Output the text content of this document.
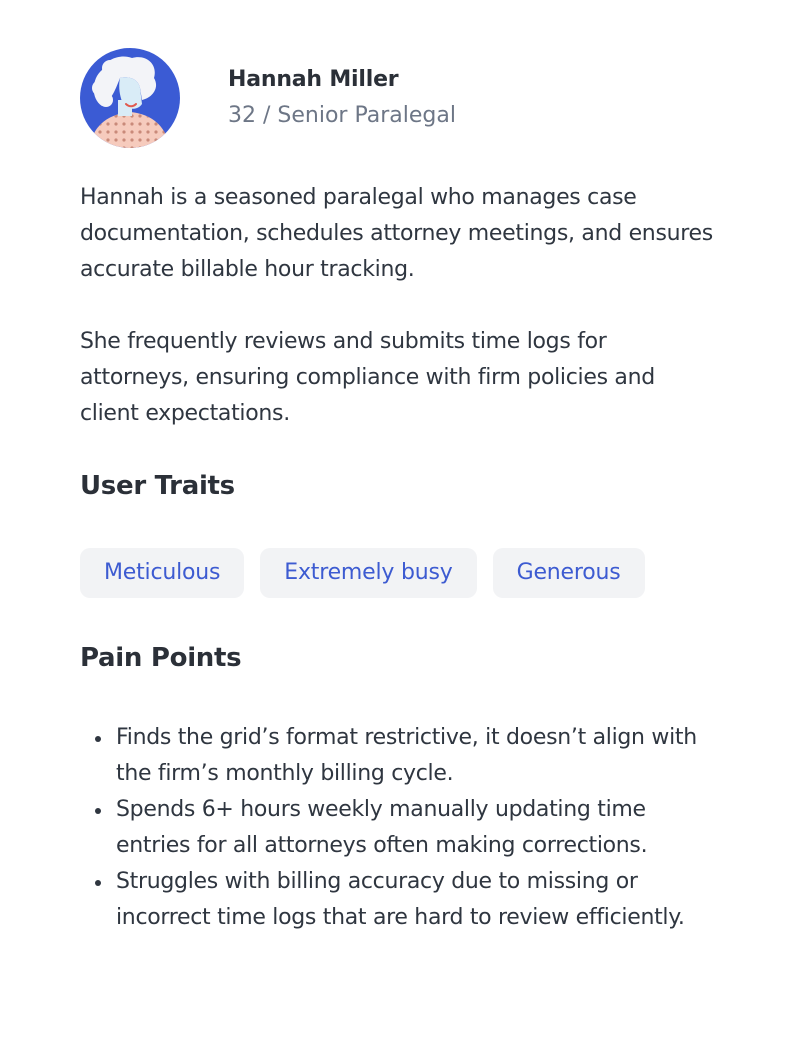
Hannah Miller
32 / Senior Paralegal

Hannah is a seasoned paralegal who manages case documentation, schedules attorney meetings, and ensures accurate billable hour tracking.

She frequently reviews and submits time logs for attorneys, ensuring compliance with firm policies and client expectations.

User Traits
Meticulous	Extremely busy	Generous
Pain Points
Finds the grid’s format restrictive, it doesn’t align with the firm’s monthly billing cycle.
Spends 6+ hours weekly manually updating time entries for all attorneys often making corrections.
Struggles with billing accuracy due to missing or incorrect time logs that are hard to review efficiently.
